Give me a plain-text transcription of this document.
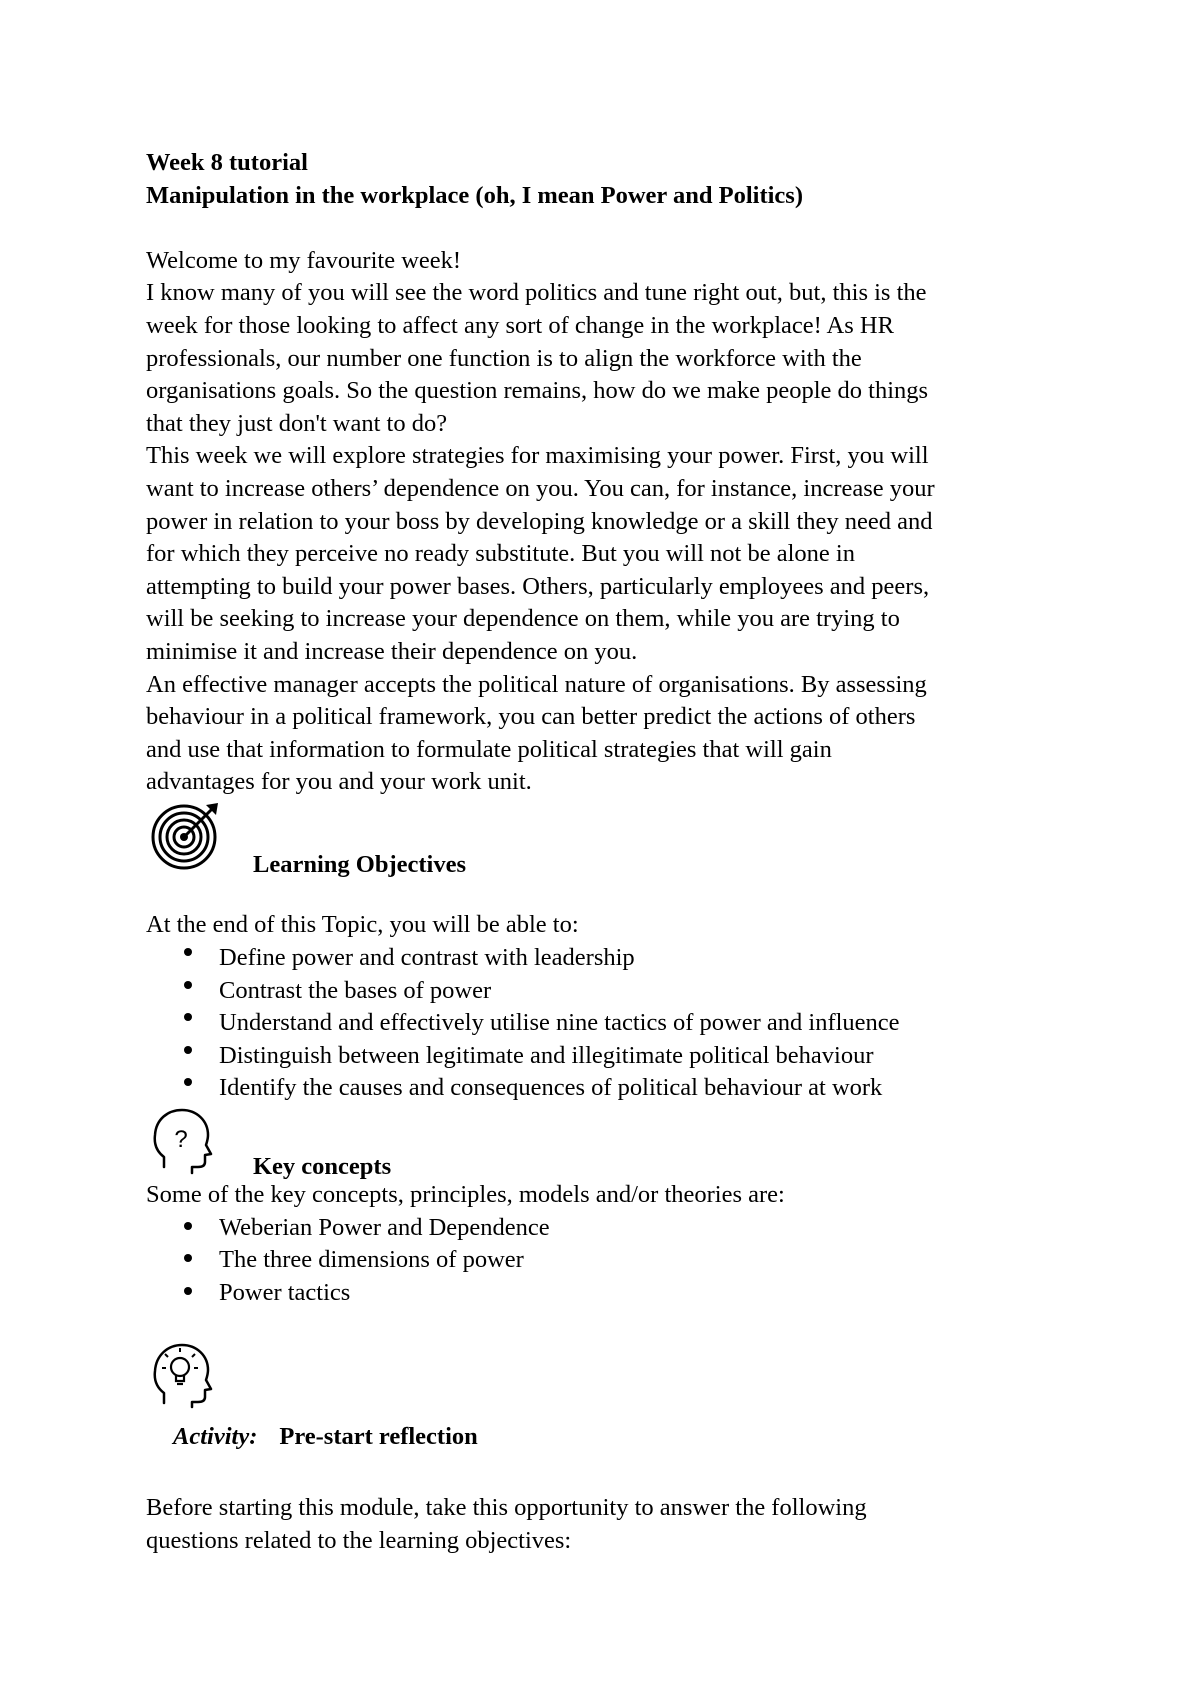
Week 8 tutorial
Manipulation in the workplace (oh, I mean Power and Politics)
Welcome to my favourite week!
I know many of you will see the word politics and tune right out, but, this is the
week for those looking to affect any sort of change in the workplace! As HR
professionals, our number one function is to align the workforce with the
organisations goals. So the question remains, how do we make people do things
that they just don't want to do?
This week we will explore strategies for maximising your power. First, you will
want to increase others’ dependence on you. You can, for instance, increase your
power in relation to your boss by developing knowledge or a skill they need and
for which they perceive no ready substitute. But you will not be alone in
attempting to build your power bases. Others, particularly employees and peers,
will be seeking to increase your dependence on them, while you are trying to
minimise it and increase their dependence on you.
An effective manager accepts the political nature of organisations. By assessing
behaviour in a political framework, you can better predict the actions of others
and use that information to formulate political strategies that will gain
advantages for you and your work unit.
Learning Objectives
At the end of this Topic, you will be able to:
Define power and contrast with leadership
Contrast the bases of power
Understand and effectively utilise nine tactics of power and influence
Distinguish between legitimate and illegitimate political behaviour
Identify the causes and consequences of political behaviour at work
?
Key concepts
Some of the key concepts, principles, models and/or theories are:
Weberian Power and Dependence
The three dimensions of power
Power tactics
Activity: Pre-start reflection
Before starting this module, take this opportunity to answer the following
questions related to the learning objectives:
